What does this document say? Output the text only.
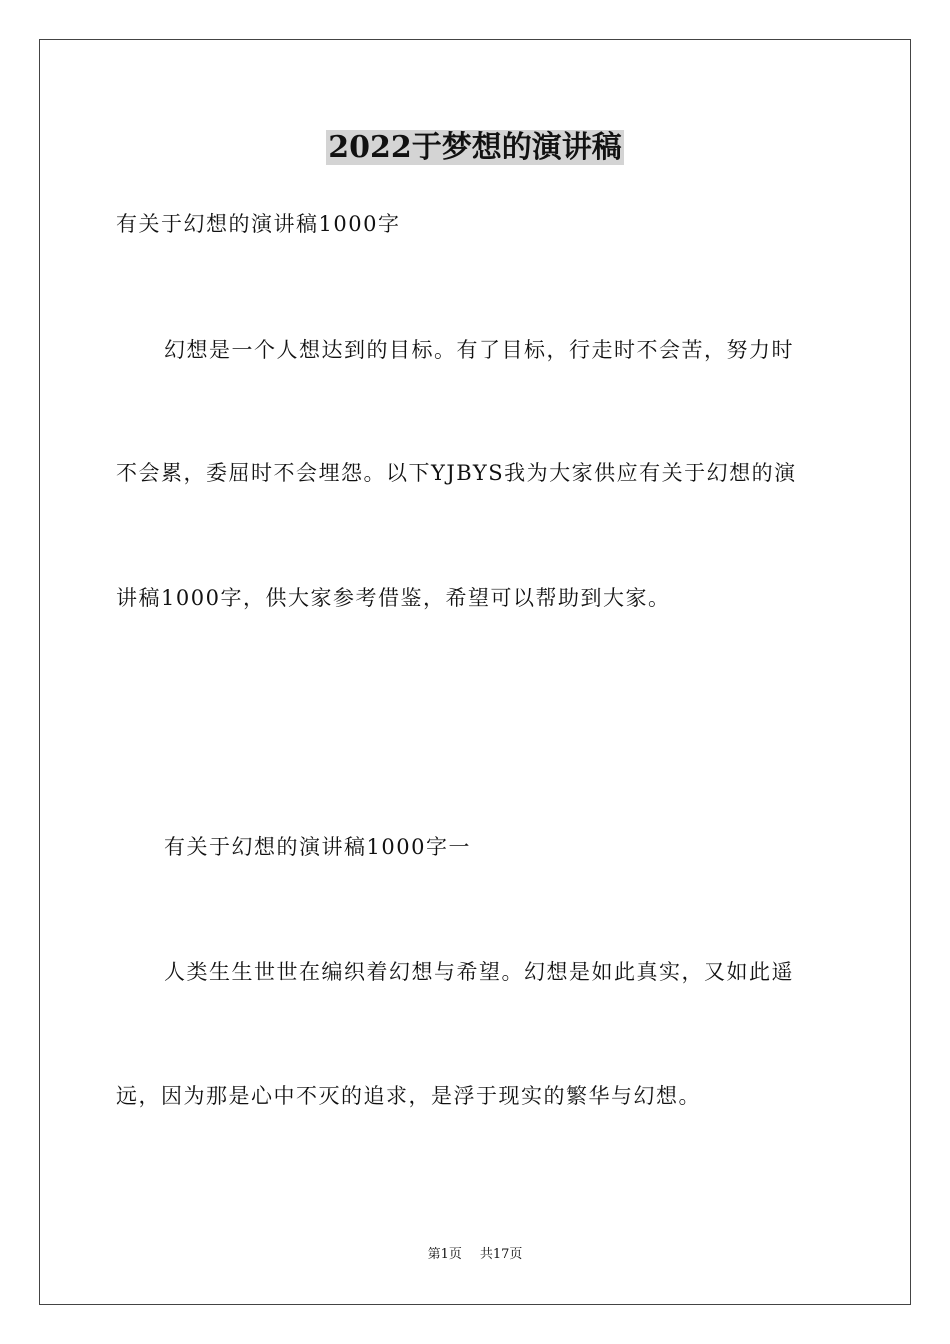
2022于梦想的演讲稿
有关于幻想的演讲稿1000字
幻想是一个人想达到的目标。有了目标，行走时不会苦，努力时
不会累，委屈时不会埋怨。以下YJBYS我为大家供应有关于幻想的演
讲稿1000字，供大家参考借鉴，希望可以帮助到大家。
有关于幻想的演讲稿1000字一
人类生生世世在编织着幻想与希望。幻想是如此真实，又如此遥
远，因为那是心中不灭的追求，是浮于现实的繁华与幻想。
第1页 共17页
